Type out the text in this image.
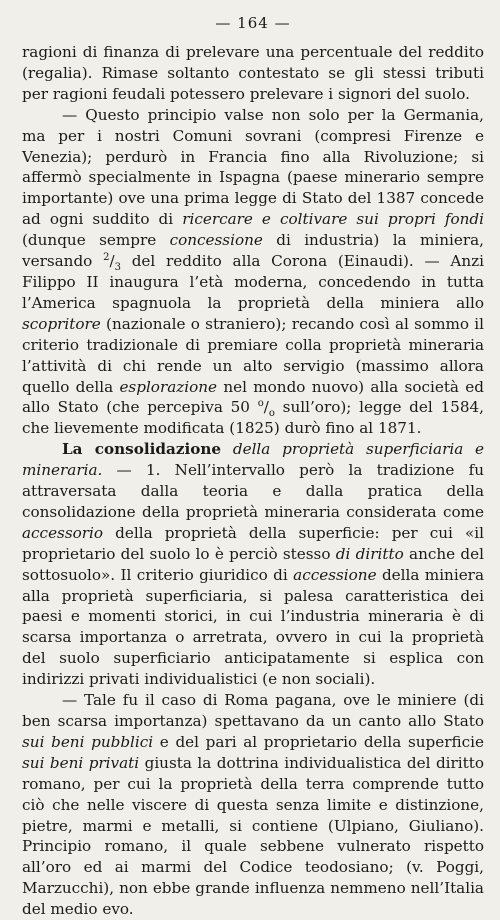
— 164 —

ragioni di finanza di prelevare una percentuale del reddito (regalia). Rimase soltanto contestato se gli stessi tributi per ragioni feudali potessero prelevare i signori del suolo.

— Questo principio valse non solo per la Germania, ma per i nostri Comuni sovrani (compresi Firenze e Venezia); perdurò in Francia fino alla Rivoluzione; si affermò specialmente in Ispagna (paese minerario sempre importante) ove una prima legge di Stato del 1387 concede ad ogni suddito di ricercare e coltivare sui propri fondi (dunque sempre concessione di industria) la miniera, versando $^2/_3$ del reddito alla Corona (Einaudi). — Anzi Filippo II inaugura l’età moderna, concedendo in tutta l’America spagnuola la proprietà della miniera allo scopritore (nazionale o straniero); recando così al sommo il criterio tradizionale di premiare colla proprietà mineraria l’attività di chi rende un alto servigio (massimo allora quello della esplorazione nel mondo nuovo) alla società ed allo Stato (che percepiva 50 $^o/_o$ sull’oro); legge del 1584, che lievemente modificata (1825) durò fino al 1871.

La consolidazione della proprietà superficiaria e mineraria. — 1. Nell’intervallo però la tradizione fu attraversata dalla teoria e dalla pratica della consolidazione della proprietà mineraria considerata come accessorio della proprietà della superficie: per cui «il proprietario del suolo lo è perciò stesso di diritto anche del sottosuolo». Il criterio giuridico di accessione della miniera alla proprietà superficiaria, si palesa caratteristica dei paesi e momenti storici, in cui l’industria mineraria è di scarsa importanza o arretrata, ovvero in cui la proprietà del suolo superficiario anticipatamente si esplica con indirizzi privati individualistici (e non sociali).

— Tale fu il caso di Roma pagana, ove le miniere (di ben scarsa importanza) spettavano da un canto allo Stato sui beni pubblici e del pari al proprietario della superficie sui beni privati giusta la dottrina individualistica del diritto romano, per cui la proprietà della terra comprende tutto ciò che nelle viscere di questa senza limite e distinzione, pietre, marmi e metalli, si contiene (Ulpiano, Giuliano). Principio romano, il quale sebbene vulnerato rispetto all’oro ed ai marmi del Codice teodosiano; (v. Poggi, Marzucchi), non ebbe grande influenza nemmeno nell’Italia del medio evo.
